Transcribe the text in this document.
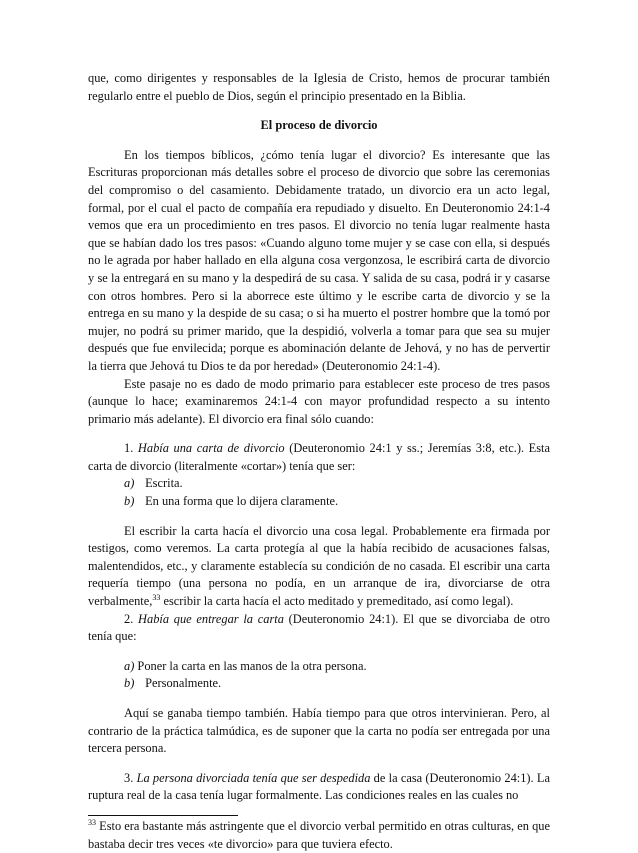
que, como dirigentes y responsables de la Iglesia de Cristo, hemos de procurar también regularlo entre el pueblo de Dios, según el principio presentado en la Biblia.

El proceso de divorcio

En los tiempos bíblicos, ¿cómo tenía lugar el divorcio? Es interesante que las Escrituras proporcionan más detalles sobre el proceso de divorcio que sobre las ceremonias del compromiso o del casamiento. Debidamente tratado, un divorcio era un acto legal, formal, por el cual el pacto de compañía era repudiado y disuelto. En Deuteronomio 24:1-4 vemos que era un procedimiento en tres pasos. El divorcio no tenía lugar realmente hasta que se habían dado los tres pasos: «Cuando alguno tome mujer y se case con ella, si después no le agrada por haber hallado en ella alguna cosa vergonzosa, le escribirá carta de divorcio y se la entregará en su mano y la despedirá de su casa. Y salida de su casa, podrá ir y casarse con otros hombres. Pero si la aborrece este último y le escribe carta de divorcio y se la entrega en su mano y la despide de su casa; o si ha muerto el postrer hombre que la tomó por mujer, no podrá su primer marido, que la despidió, volverla a tomar para que sea su mujer después que fue envilecida; porque es abominación delante de Jehová, y no has de pervertir la tierra que Jehová tu Dios te da por heredad» (Deuteronomio 24:1-4).

Este pasaje no es dado de modo primario para establecer este proceso de tres pasos (aunque lo hace; examinaremos 24:1-4 con mayor profundidad respecto a su intento primario más adelante). El divorcio era final sólo cuando:

1. Había una carta de divorcio (Deuteronomio 24:1 y ss.; Jeremías 3:8, etc.). Esta carta de divorcio (literalmente «cortar») tenía que ser:

a) Escrita.

b) En una forma que lo dijera claramente.

El escribir la carta hacía el divorcio una cosa legal. Probablemente era firmada por testigos, como veremos. La carta protegía al que la había recibido de acusaciones falsas, malentendidos, etc., y claramente establecía su condición de no casada. El escribir una carta requería tiempo (una persona no podía, en un arranque de ira, divorciarse de otra verbalmente,$^{33}$ escribir la carta hacía el acto meditado y premeditado, así como legal).

2. Había que entregar la carta (Deuteronomio 24:1). El que se divorciaba de otro tenía que:

a) Poner la carta en las manos de la otra persona.

b) Personalmente.

Aquí se ganaba tiempo también. Había tiempo para que otros intervinieran. Pero, al contrario de la práctica talmúdica, es de suponer que la carta no podía ser entregada por una tercera persona.

3. La persona divorciada tenía que ser despedida de la casa (Deuteronomio 24:1). La ruptura real de la casa tenía lugar formalmente. Las condiciones reales en las cuales no

$^{33}$ Esto era bastante más astringente que el divorcio verbal permitido en otras culturas, en que bastaba decir tres veces «te divorcio» para que tuviera efecto.
